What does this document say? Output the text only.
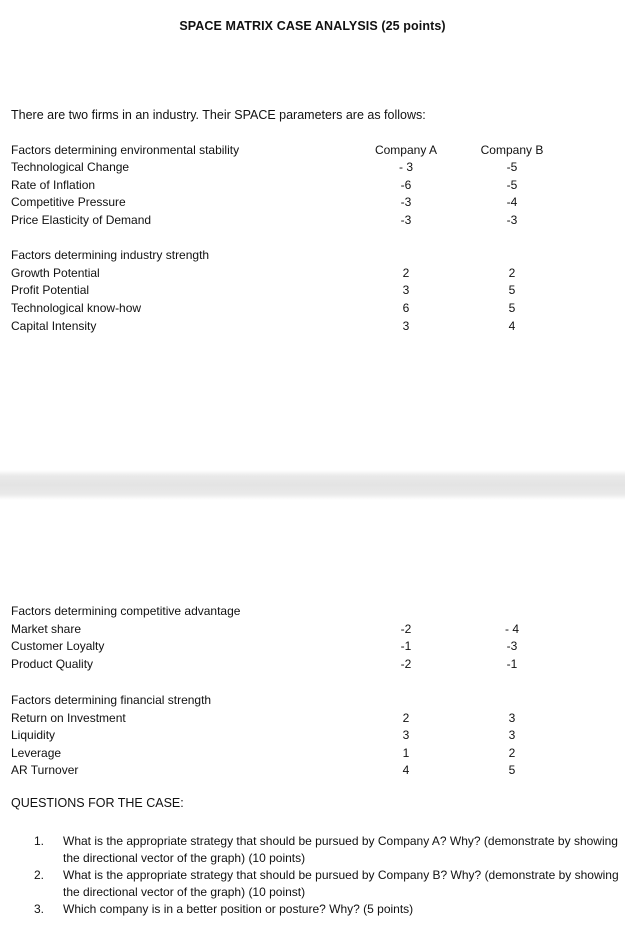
SPACE MATRIX CASE ANALYSIS (25 points)
There are two firms in an industry. Their SPACE parameters are as follows:
Factors determining environmental stability	Company A	Company B
Technological Change	- 3	-5
Rate of Inflation	-6	-5
Competitive Pressure	-3	-4
Price Elasticity of Demand	-3	-3
Factors determining industry strength
Growth Potential	2	2
Profit Potential	3	5
Technological know-how	6	5
Capital Intensity	3	4
Factors determining competitive advantage
Market share	-2	- 4
Customer Loyalty	-1	-3
Product Quality	-2	-1
Factors determining financial strength
Return on Investment	2	3
Liquidity	3	3
Leverage	1	2
AR Turnover	4	5
QUESTIONS FOR THE CASE:
1.	What is the appropriate strategy that should be pursued by Company A? Why? (demonstrate by showing the directional vector of the graph) (10 points)
2.	What is the appropriate strategy that should be pursued by Company B? Why? (demonstrate by showing the directional vector of the graph) (10 poinst)
3.	Which company is in a better position or posture? Why? (5 points)
